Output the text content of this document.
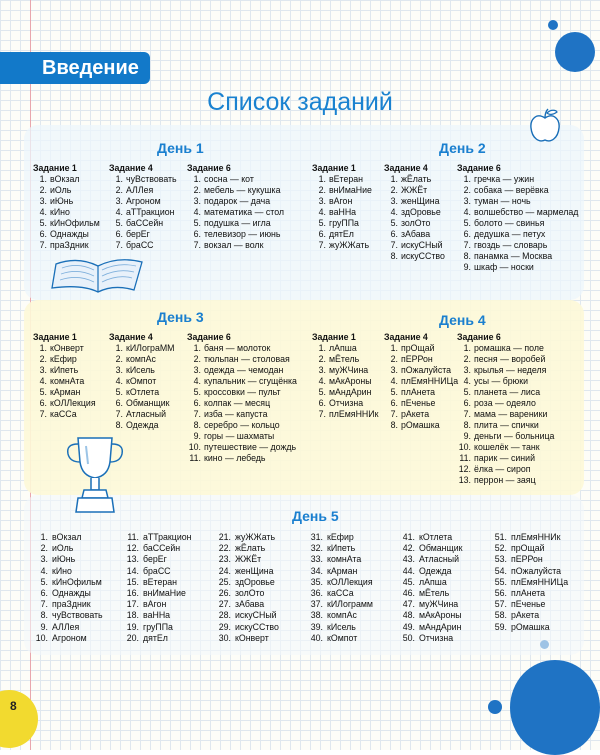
Введение
Список заданий
День 1	День 2
День 3	День 4
День 5
Задание 1
1. вОкзал
2. иОль
3. иЮнь
4. кИно
5. кИнОфильм
6. Однажды
7. праЗдник
Задание 4
1. чуВствовать
2. АЛЛея
3. Агроном
4. аТТракцион
5. баССейн
6. берЕг
7. браСС
Задание 6
1. сосна — кот
2. мебель — кукушка
3. подарок — дача
4. математика — стол
5. подушка — игла
6. телевизор — июнь
7. вокзал — волк
Задание 1
1. вЕтеран
2. внИмаНие
3. вАгон
4. ваННа
5. груППа
6. дятЕл
7. жуЖЖать
Задание 4
1. жЁлать
2. ЖЖЁт
3. женЩина
4. здОровье
5. золОто
6. зАбава
7. искуСНый
8. искуССтво
Задание 6
1. гречка — ужин
2. собака — верёвка
3. туман — ночь
4. волшебство — мармелад
5. болото — свинья
6. дедушка — петух
7. гвоздь — словарь
8. панамка — Москва
9. шкаф — носки
Задание 1
1. кОнверт
2. кЕфир
3. кИпеть
4. комнАта
5. кАрман
6. кОЛЛекция
7. каССа
Задание 4
1. кИЛограММ
2. компАс
3. кИсель
4. кОмпот
5. кОтлета
6. Обманщик
7. Атласный
8. Одежда
Задание 6
1. баня — молоток
2. тюльпан — столовая
3. одежда — чемодан
4. купальник — сгущёнка
5. кроссовки — пульт
6. колпак — месяц
7. изба — капуста
8. серебро — кольцо
9. горы — шахматы
10. путешествие — дождь
11. кино — лебедь
Задание 1
1. лАпша
2. мЁтель
3. муЖЧина
4. мАкАроны
5. мАндАрин
6. Отчизна
7. плЕмяННИк
Задание 4
1. прОщай
2. пЕРРон
3. пОжалуйста
4. плЕмяННИЦа
5. плАнета
6. пЕченье
7. рАкета
8. рОмашка
Задание 6
1. ромашка — поле
2. песня — воробей
3. крылья — неделя
4. усы — брюки
5. планета — лиса
6. роза — одеяло
7. мама — вареники
8. плита — спички
9. деньги — больница
10. кошелёк — танк
11. парик — синий
12. ёлка — сироп
13. перрон — заяц
1. вОкзал
2. иОль
3. иЮнь
4. кИно
5. кИнОфильм
6. Однажды
7. праЗдник
8. чуВствовать
9. АЛЛея
10. Агроном
11. аТТракцион
12. баССейн
13. берЕг
14. браСС
15. вЕтеран
16. внИмаНие
17. вАгон
18. ваННа
19. груППа
20. дятЕл
21. жуЖЖать
22. жЁлать
23. ЖЖЁт
24. женЩина
25. здОровье
26. золОто
27. зАбава
28. искуСНый
29. искуССтво
30. кОнверт
31. кЕфир
32. кИпеть
33. комнАта
34. кАрман
35. кОЛЛекция
36. каССа
37. кИЛограмм
38. компАс
39. кИсель
40. кОмпот
41. кОтлета
42. Обманщик
43. Атласный
44. Одежда
45. лАпша
46. мЁтель
47. муЖЧина
48. мАкАроны
49. мАндАрин
50. Отчизна
51. плЕмяННИк
52. прОщай
53. пЕРРон
54. пОжалуйста
55. плЕмяННИЦа
56. плАнета
57. пЕченье
58. рАкета
59. рОмашка
8
